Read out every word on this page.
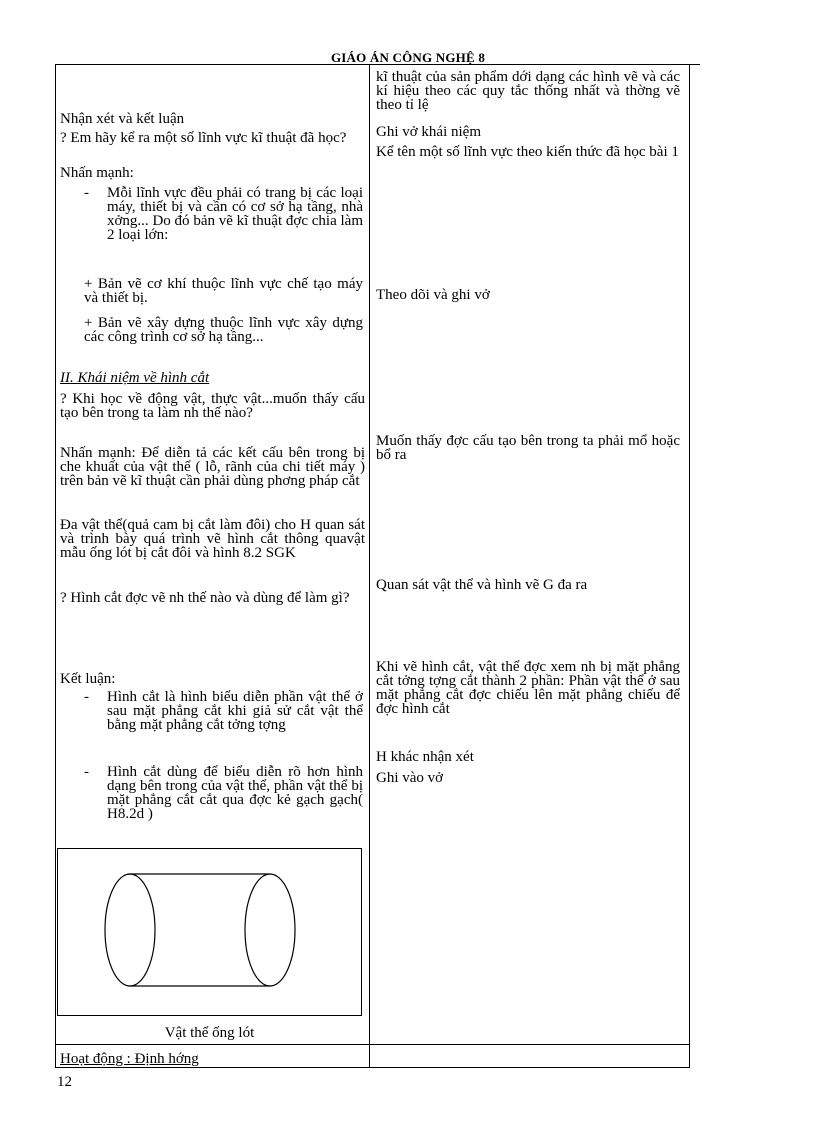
GIÁO ÁN CÔNG NGHỆ 8
Nhận xét và kết luận
? Em hãy kể ra một số lĩnh vực kĩ thuật đã học?
Nhấn mạnh:
- Mỗi lĩnh vực đều phải có trang bị các loại máy, thiết bị và cần có cơ sở hạ tầng, nhà xởng... Do đó bản vẽ kĩ thuật đợc chia làm 2 loại lớn:
+ Bản vẽ cơ khí thuộc lĩnh vực chế tạo máy và thiết bị.
+ Bản vẽ xây dựng thuộc lĩnh vực xây dựng các công trình cơ sở hạ tầng...
II. Khái niệm về hình cắt
? Khi học về động vật, thực vật...muốn thấy cấu tạo bên trong ta làm nh thế nào?
Nhấn mạnh: Để diễn tả các kết cấu bên trong bị che khuất của vật thể ( lỗ, rãnh của chi tiết máy ) trên bản vẽ kĩ thuật cần phải dùng phơng pháp cắt
Đa vật thể(quả cam bị cắt làm đôi) cho H quan sát và trình bày quá trình vẽ hình cắt thông quavật mẫu ống lót bị cắt đôi và hình 8.2 SGK
? Hình cắt đợc vẽ nh thế nào và dùng để làm gì?
Kết luận:
- Hình cắt là hình biểu diễn phần vật thể ở sau mặt phẳng cắt khi giả sử cắt vật thể bằng mặt phẳng cắt tởng tợng
- Hình cắt dùng để biểu diễn rõ hơn hình dạng bên trong của vật thể, phần vật thể bị mặt phẳng cắt cắt qua đợc kẻ gạch gạch( H8.2d )
Vật thể ống lót
Hoạt động : Định hớng
kĩ thuật của sản phẩm dới dạng các hình vẽ và các kí hiệu theo các quy tắc thống nhất và thờng vẽ theo tỉ lệ
Ghi vở khái niệm
Kể tên một số lĩnh vực theo kiến thức đã học bài 1
Theo dõi và ghi vở
Muốn thấy đợc cấu tạo bên trong ta phải mổ hoặc bổ ra
Quan sát vật thể và hình vẽ G đa ra
Khi vẽ hình cắt, vật thể đợc xem nh bị mặt phẳng cắt tởng tợng cắt thành 2 phần: Phần vật thể ở sau mặt phẳng cắt đợc chiếu lên mặt phẳng chiếu để đợc hình cắt
H khác nhận xét
Ghi vào vở
12
